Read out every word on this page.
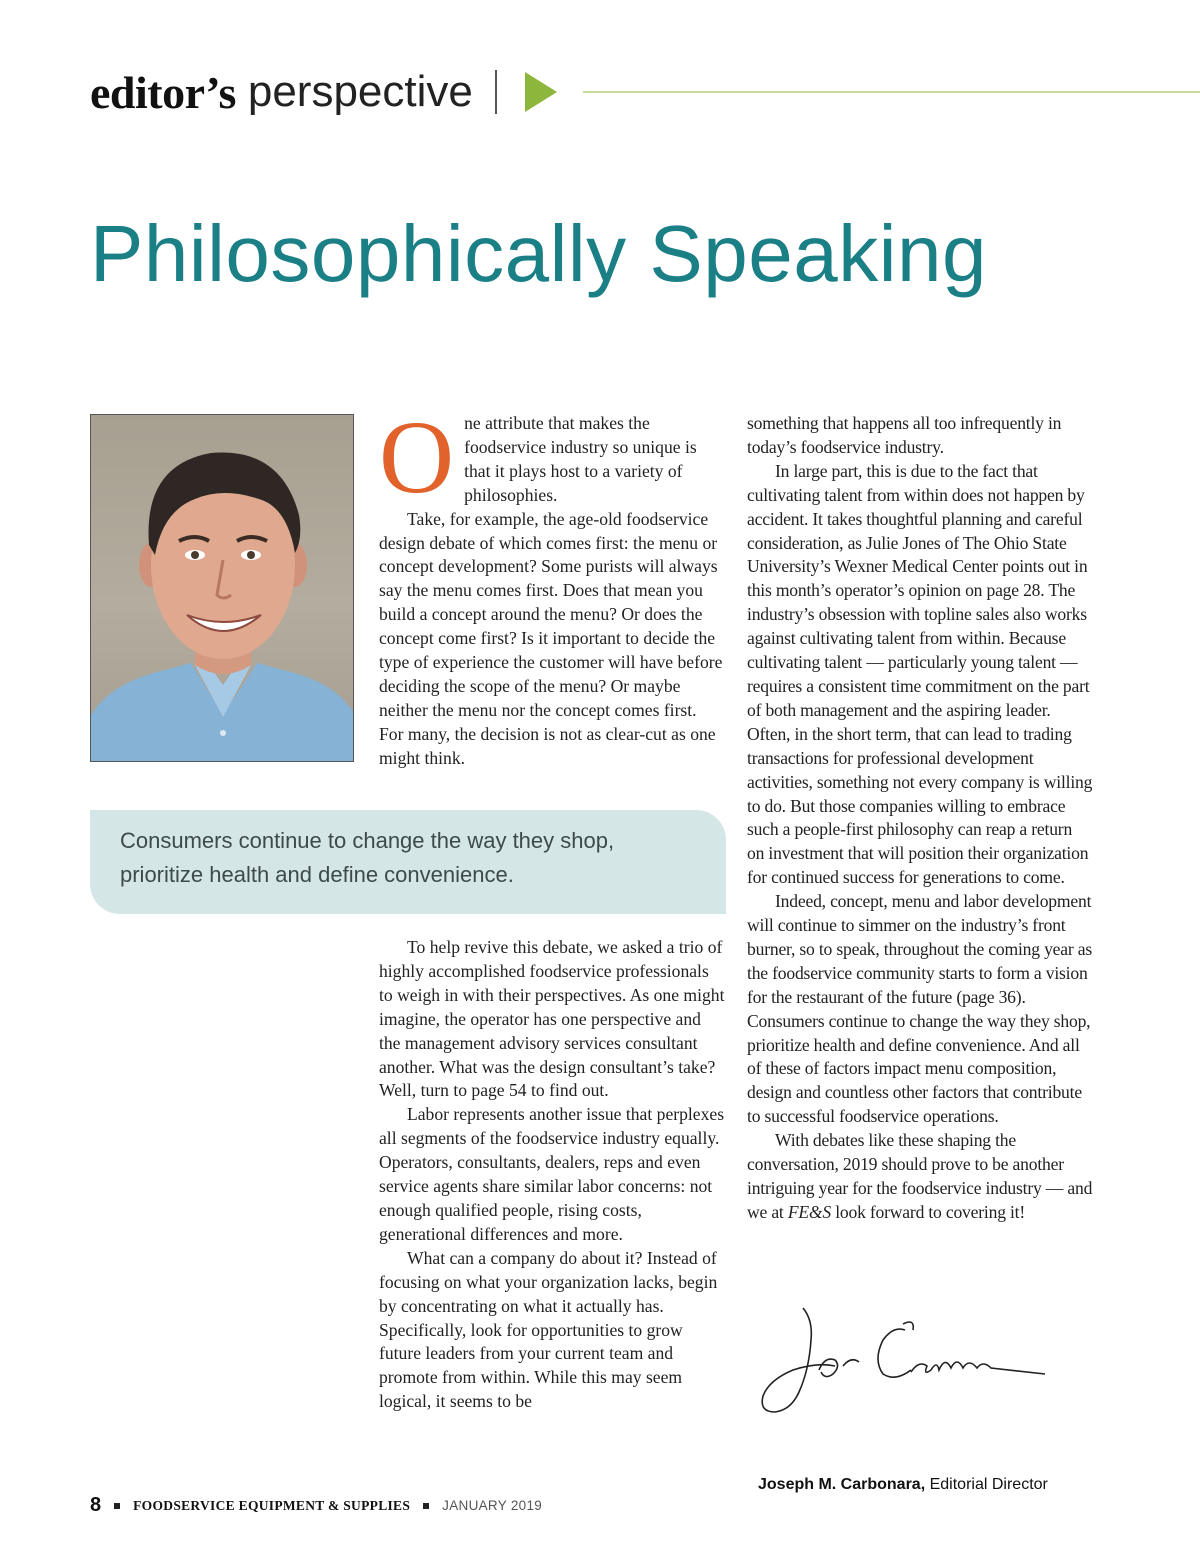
editor’s perspective
Philosophically Speaking

One attribute that makes the foodservice industry so unique is that it plays host to a variety of philosophies.

Take, for example, the age-old foodservice design debate of which comes first: the menu or concept development? Some purists will always say the menu comes first. Does that mean you build a concept around the menu? Or does the concept come first? Is it important to decide the type of experience the customer will have before deciding the scope of the menu? Or maybe neither the menu nor the concept comes first. For many, the decision is not as clear-cut as one might think.

Consumers continue to change the way they shop, prioritize health and define convenience.

To help revive this debate, we asked a trio of highly accomplished foodservice professionals to weigh in with their perspectives. As one might imagine, the operator has one perspective and the management advisory services consultant another. What was the design consultant’s take? Well, turn to page 54 to find out.

Labor represents another issue that perplexes all segments of the foodservice industry equally. Operators, consultants, dealers, reps and even service agents share similar labor concerns: not enough qualified people, rising costs, generational differences and more.

What can a company do about it? Instead of focusing on what your organization lacks, begin by concentrating on what it actually has. Specifically, look for opportunities to grow future leaders from your current team and promote from within. While this may seem logical, it seems to be

something that happens all too infrequently in today’s foodservice industry.

In large part, this is due to the fact that cultivating talent from within does not happen by accident. It takes thoughtful planning and careful consideration, as Julie Jones of The Ohio State University’s Wexner Medical Center points out in this month’s operator’s opinion on page 28. The industry’s obsession with topline sales also works against cultivating talent from within. Because cultivating talent — particularly young talent — requires a consistent time commitment on the part of both management and the aspiring leader. Often, in the short term, that can lead to trading transactions for professional development activities, something not every company is willing to do. But those companies willing to embrace such a people-first philosophy can reap a return on investment that will position their organization for continued success for generations to come.

Indeed, concept, menu and labor development will continue to simmer on the industry’s front burner, so to speak, throughout the coming year as the foodservice community starts to form a vision for the restaurant of the future (page 36). Consumers continue to change the way they shop, prioritize health and define convenience. And all of these of factors impact menu composition, design and countless other factors that contribute to successful foodservice operations.

With debates like these shaping the conversation, 2019 should prove to be another intriguing year for the foodservice industry — and we at FE&S look forward to covering it!

Joseph M. Carbonara, Editorial Director
8 FOODSERVICE EQUIPMENT & SUPPLIES JANUARY 2019
